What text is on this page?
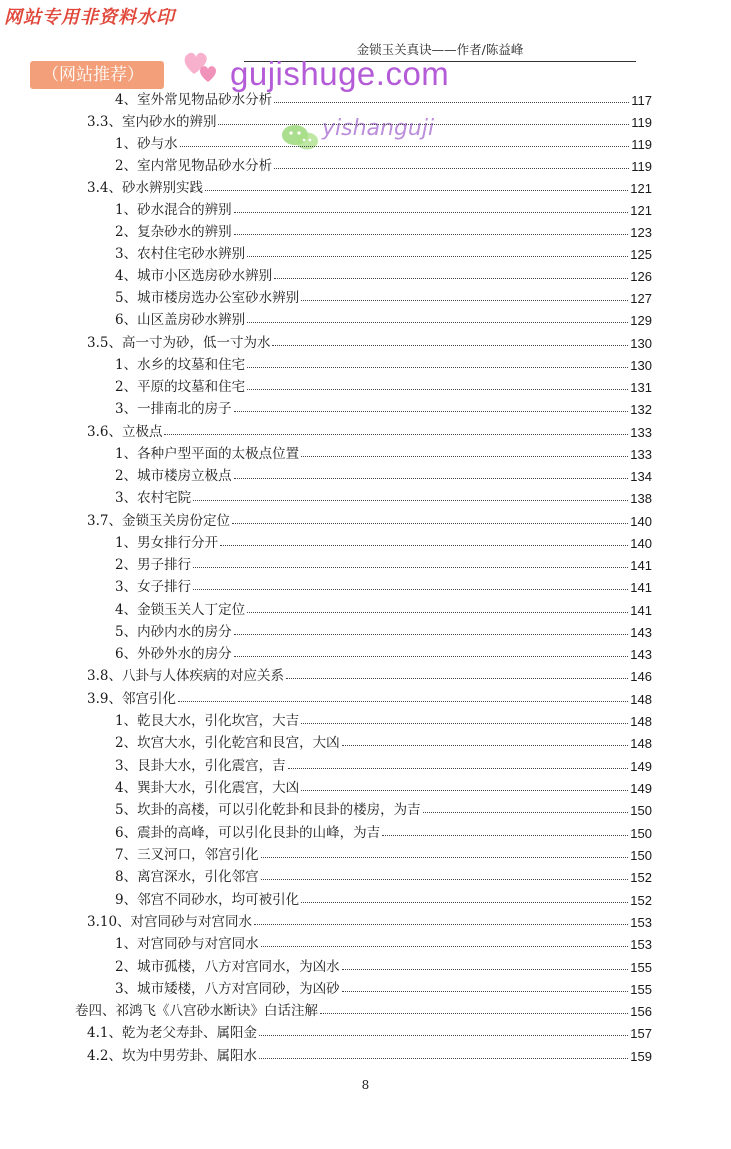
网站专用非资料水印
金锁玉关真诀——作者/陈益峰
（网站推荐）	gujishuge.com
yishanguji
4、室外常见物品砂水分析	117
3.3、室内砂水的辨别	119
1、砂与水	119
2、室内常见物品砂水分析	119
3.4、砂水辨别实践	121
1、砂水混合的辨别	121
2、复杂砂水的辨别	123
3、农村住宅砂水辨别	125
4、城市小区选房砂水辨别	126
5、城市楼房选办公室砂水辨别	127
6、山区盖房砂水辨别	129
3.5、高一寸为砂，低一寸为水	130
1、水乡的坟墓和住宅	130
2、平原的坟墓和住宅	131
3、一排南北的房子	132
3.6、立极点	133
1、各种户型平面的太极点位置	133
2、城市楼房立极点	134
3、农村宅院	138
3.7、金锁玉关房份定位	140
1、男女排行分开	140
2、男子排行	141
3、女子排行	141
4、金锁玉关人丁定位	141
5、内砂内水的房分	143
6、外砂外水的房分	143
3.8、八卦与人体疾病的对应关系	146
3.9、邻宫引化	148
1、乾艮大水，引化坎宫，大吉	148
2、坎宫大水，引化乾宫和艮宫，大凶	148
3、艮卦大水，引化震宫，吉	149
4、巽卦大水，引化震宫，大凶	149
5、坎卦的高楼，可以引化乾卦和艮卦的楼房，为吉	150
6、震卦的高峰，可以引化艮卦的山峰，为吉	150
7、三叉河口，邻宫引化	150
8、离宫深水，引化邻宫	152
9、邻宫不同砂水，均可被引化	152
3.10、对宫同砂与对宫同水	153
1、对宫同砂与对宫同水	153
2、城市孤楼，八方对宫同水，为凶水	155
3、城市矮楼，八方对宫同砂，为凶砂	155
卷四、祁鸿飞《八宫砂水断诀》白话注解	156
4.1、乾为老父寿卦、属阳金	157
4.2、坎为中男劳卦、属阳水	159
8
